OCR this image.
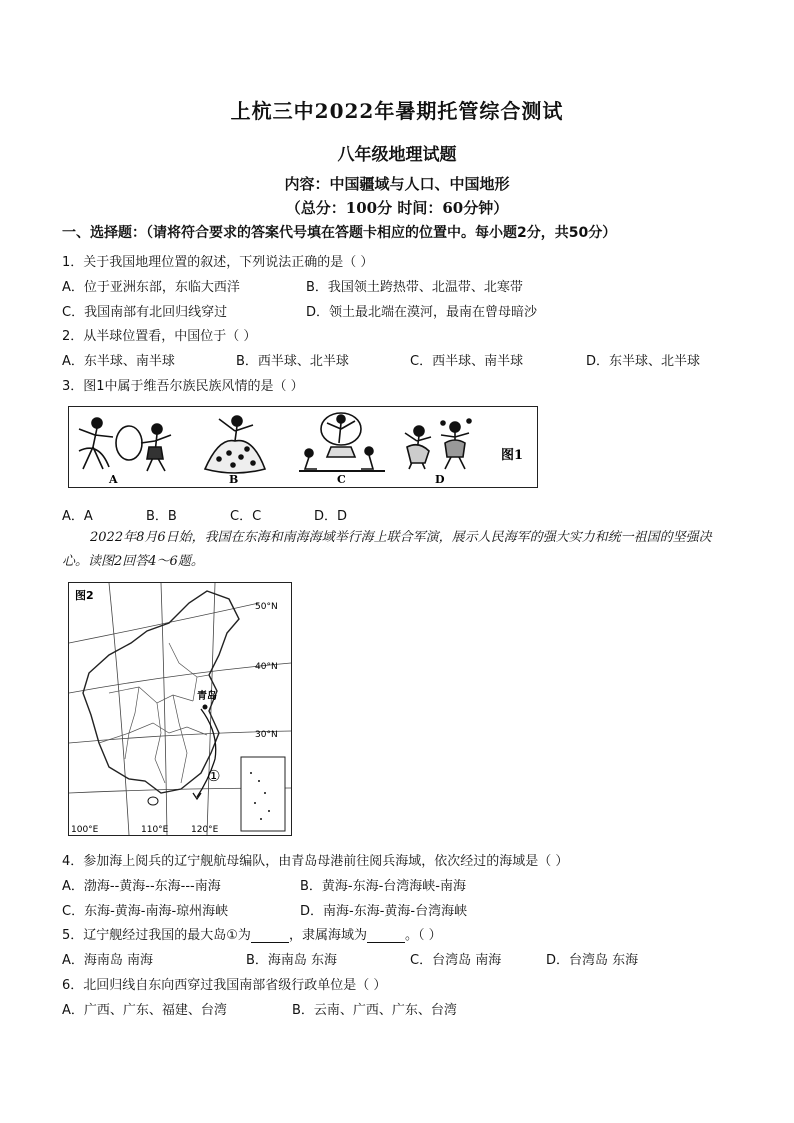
上杭三中2022年暑期托管综合测试
八年级地理试题
内容：中国疆域与人口、中国地形
（总分：100分 时间：60分钟）
一、选择题：（请将符合要求的答案代号填在答题卡相应的位置中。每小题2分，共50分）
1．关于我国地理位置的叙述，下列说法正确的是（ ）
A．位于亚洲东部，东临大西洋	B．我国领土跨热带、北温带、北寒带
C．我国南部有北回归线穿过	D．领土最北端在漠河，最南在曾母暗沙
2．从半球位置看，中国位于（ ）
A．东半球、南半球	B．西半球、北半球	C．西半球、南半球	D．东半球、北半球
3．图1中属于维吾尔族民族风情的是（ ）
A	B	C	D
图1
A．A	B．B	C．C	D．D
2022年8月6日始，我国在东海和南海海域举行海上联合军演，展示人民海军的强大实力和统一祖国的坚强决心。读图2回答4～6题。
青岛
①
50°N
40°N
30°N
100°E	110°E	120°E
图2
4．参加海上阅兵的辽宁舰航母编队，由青岛母港前往阅兵海域，依次经过的海域是（ ）
A．渤海--黄海--东海---南海	B．黄海-东海-台湾海峡-南海
C．东海-黄海-南海-琼州海峡	D．南海-东海-黄海-台湾海峡
5．辽宁舰经过我国的最大岛①为	，隶属海域为	。（ ）
A．海南岛 南海	B．海南岛 东海	C．台湾岛 南海	D．台湾岛 东海
6．北回归线自东向西穿过我国南部省级行政单位是（ ）
A．广西、广东、福建、台湾	B．云南、广西、广东、台湾
